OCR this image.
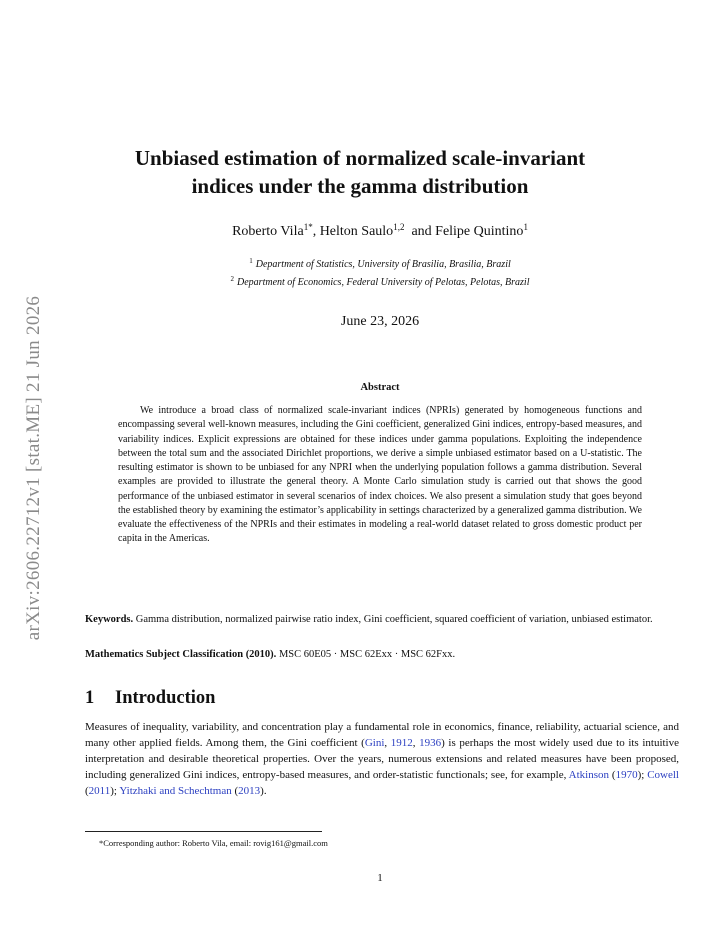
arXiv:2606.22712v1 [stat.ME] 21 Jun 2026
Unbiased estimation of normalized scale-invariant
indices under the gamma distribution
Roberto Vila$^{1*}$, Helton Saulo$^{1,2}$  and Felipe Quintino$^1$
$^1$ Department of Statistics, University of Brasilia, Brasilia, Brazil
$^2$ Department of Economics, Federal University of Pelotas, Pelotas, Brazil
June 23, 2026
Abstract

We introduce a broad class of normalized scale-invariant indices (NPRIs) generated by homogeneous functions and encompassing several well-known measures, including the Gini coefficient, generalized Gini indices, entropy-based measures, and variability indices. Explicit expressions are obtained for these indices under gamma populations. Exploiting the independence between the total sum and the associated Dirichlet proportions, we derive a simple unbiased estimator based on a U-statistic. The resulting estimator is shown to be unbiased for any NPRI when the underlying population follows a gamma distribution. Several examples are provided to illustrate the general theory. A Monte Carlo simulation study is carried out that shows the good performance of the unbiased estimator in several scenarios of index choices. We also present a simulation study that goes beyond the established theory by examining the estimator’s applicability in settings characterized by a generalized gamma distribution. We evaluate the effectiveness of the NPRIs and their estimates in modeling a real-world dataset related to gross domestic product per capita in the Americas.

Keywords. Gamma distribution, normalized pairwise ratio index, Gini coefficient, squared coefficient of variation, unbiased estimator.

Mathematics Subject Classification (2010). MSC 60E05 · MSC 62Exx · MSC 62Fxx.

1 Introduction

Measures of inequality, variability, and concentration play a fundamental role in economics, finance, reliability, actuarial science, and many other applied fields. Among them, the Gini coefficient (Gini, 1912, 1936) is perhaps the most widely used due to its intuitive interpretation and desirable theoretical properties. Over the years, numerous extensions and related measures have been proposed, including generalized Gini indices, entropy-based measures, and order-statistic functionals; see, for example, Atkinson (1970); Cowell (2011); Yitzhaki and Schechtman (2013).

*Corresponding author: Roberto Vila, email: rovig161@gmail.com

1
